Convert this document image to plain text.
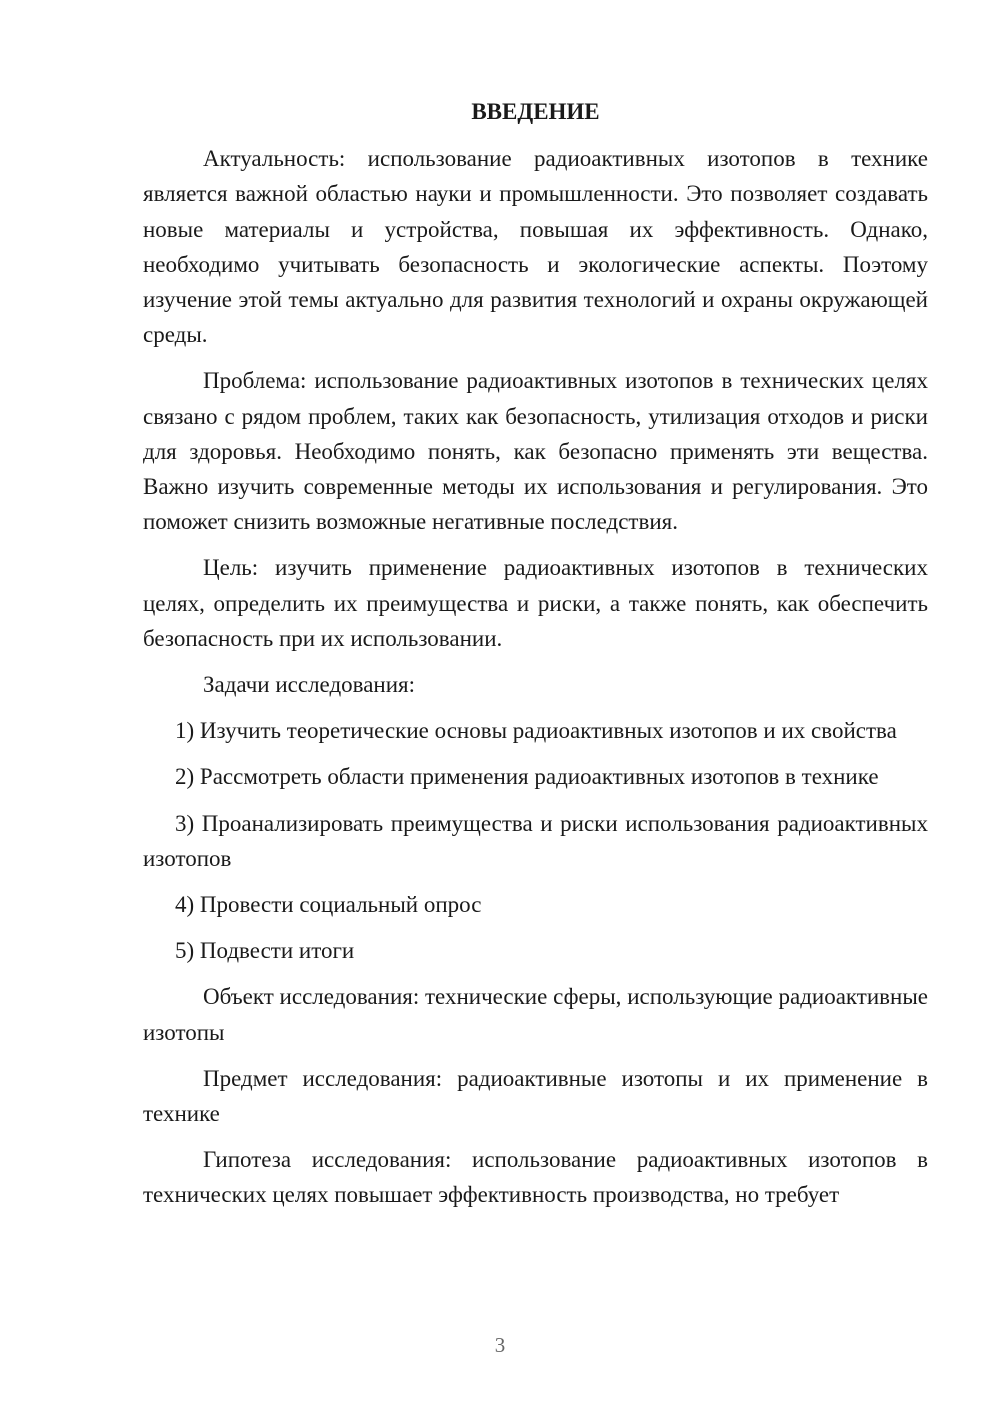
ВВЕДЕНИЕ

Актуальность: использование радиоактивных изотопов в технике является важной областью науки и промышленности. Это позволяет создавать новые материалы и устройства, повышая их эффективность. Однако, необходимо учитывать безопасность и экологические аспекты. Поэтому изучение этой темы актуально для развития технологий и охраны окружающей среды.

Проблема: использование радиоактивных изотопов в технических целях связано с рядом проблем, таких как безопасность, утилизация отходов и риски для здоровья. Необходимо понять, как безопасно применять эти вещества. Важно изучить современные методы их использования и регулирования. Это поможет снизить возможные негативные последствия.

Цель: изучить применение радиоактивных изотопов в технических целях, определить их преимущества и риски, а также понять, как обеспечить безопасность при их использовании.

Задачи исследования:

1) Изучить теоретические основы радиоактивных изотопов и их свойства

2) Рассмотреть области применения радиоактивных изотопов в технике

3) Проанализировать преимущества и риски использования радиоактивных изотопов

4) Провести социальный опрос

5) Подвести итоги

Объект исследования: технические сферы, использующие радиоактивные изотопы

Предмет исследования: радиоактивные изотопы и их применение в технике

Гипотеза исследования: использование радиоактивных изотопов в технических целях повышает эффективность производства, но требует

3
